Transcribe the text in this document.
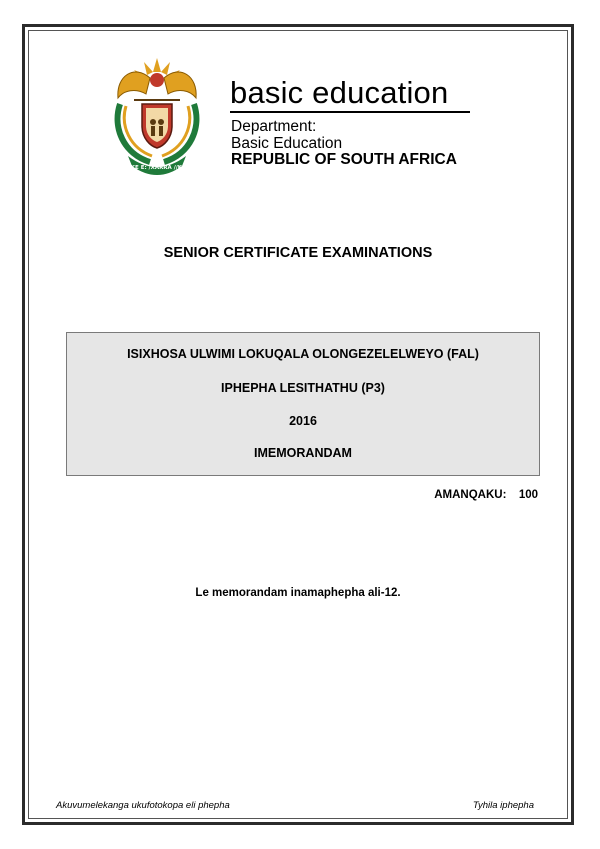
!KE E: /XARRA //KE
basic education
Department:
Basic Education
REPUBLIC OF SOUTH AFRICA
SENIOR CERTIFICATE EXAMINATIONS
ISIXHOSA ULWIMI LOKUQALA OLONGEZELELWEYO (FAL)
IPHEPHA LESITHATHU (P3)
2016
IMEMORANDAM
AMANQAKU: 100
Le memorandam inamaphepha ali-12.
Akuvumelekanga ukufotokopa eli phepha	Tyhila iphepha
